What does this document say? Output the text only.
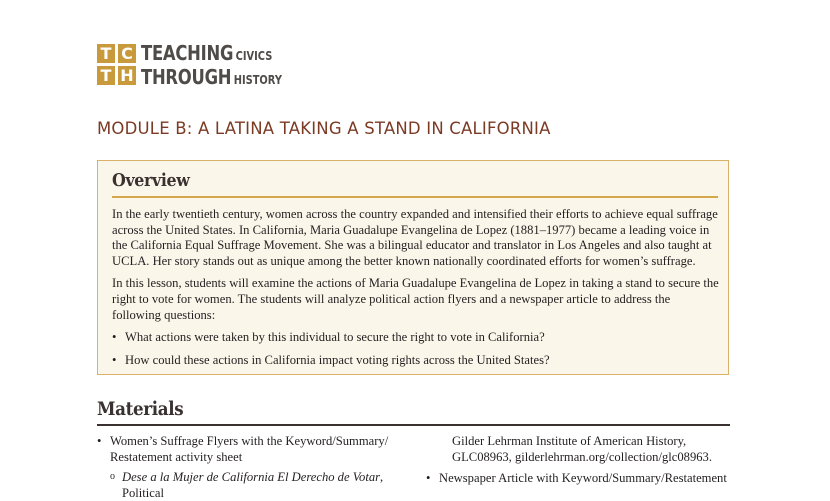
T C
T H
TEACHING CIVICS
THROUGH HISTORY
MODULE B: A LATINA TAKING A STAND IN CALIFORNIA
Overview

In the early twentieth century, women across the country expanded and intensified their efforts to achieve equal suffrage across the United States. In California, Maria Guadalupe Evangelina de Lopez (1881–1977) became a leading voice in the California Equal Suffrage Movement. She was a bilingual educator and translator in Los Angeles and also taught at UCLA. Her story stands out as unique among the better known nationally coordinated efforts for women’s suffrage.

In this lesson, students will examine the actions of Maria Guadalupe Evangelina de Lopez in taking a stand to secure the right to vote for women. The students will analyze political action flyers and a newspaper article to address the following questions:

• What actions were taken by this individual to secure the right to vote in California?
• How could these actions in California impact voting rights across the United States?
Materials
• Women’s Suffrage Flyers with the Keyword/Summary/ Restatement activity sheet
o Dese a la Mujer de California El Derecho de Votar, Political
Gilder Lehrman Institute of American History, GLC08963, gilderlehrman.org/collection/glc08963.
• Newspaper Article with Keyword/Summary/Restatement
